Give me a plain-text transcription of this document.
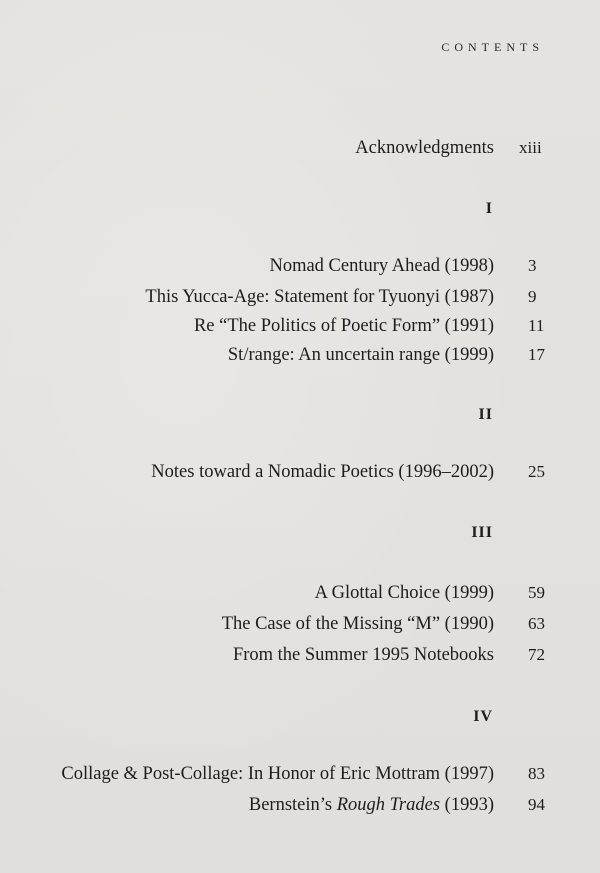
CONTENTS
Acknowledgments xiii
I
Nomad Century Ahead (1998) 3
This Yucca-Age: Statement for Tyuonyi (1987) 9
Re “The Politics of Poetic Form” (1991) 11
St/range: An uncertain range (1999) 17
II
Notes toward a Nomadic Poetics (1996–2002) 25
III
A Glottal Choice (1999) 59
The Case of the Missing “M” (1990) 63
From the Summer 1995 Notebooks 72
IV
Collage & Post-Collage: In Honor of Eric Mottram (1997) 83
Bernstein’s Rough Trades (1993) 94
